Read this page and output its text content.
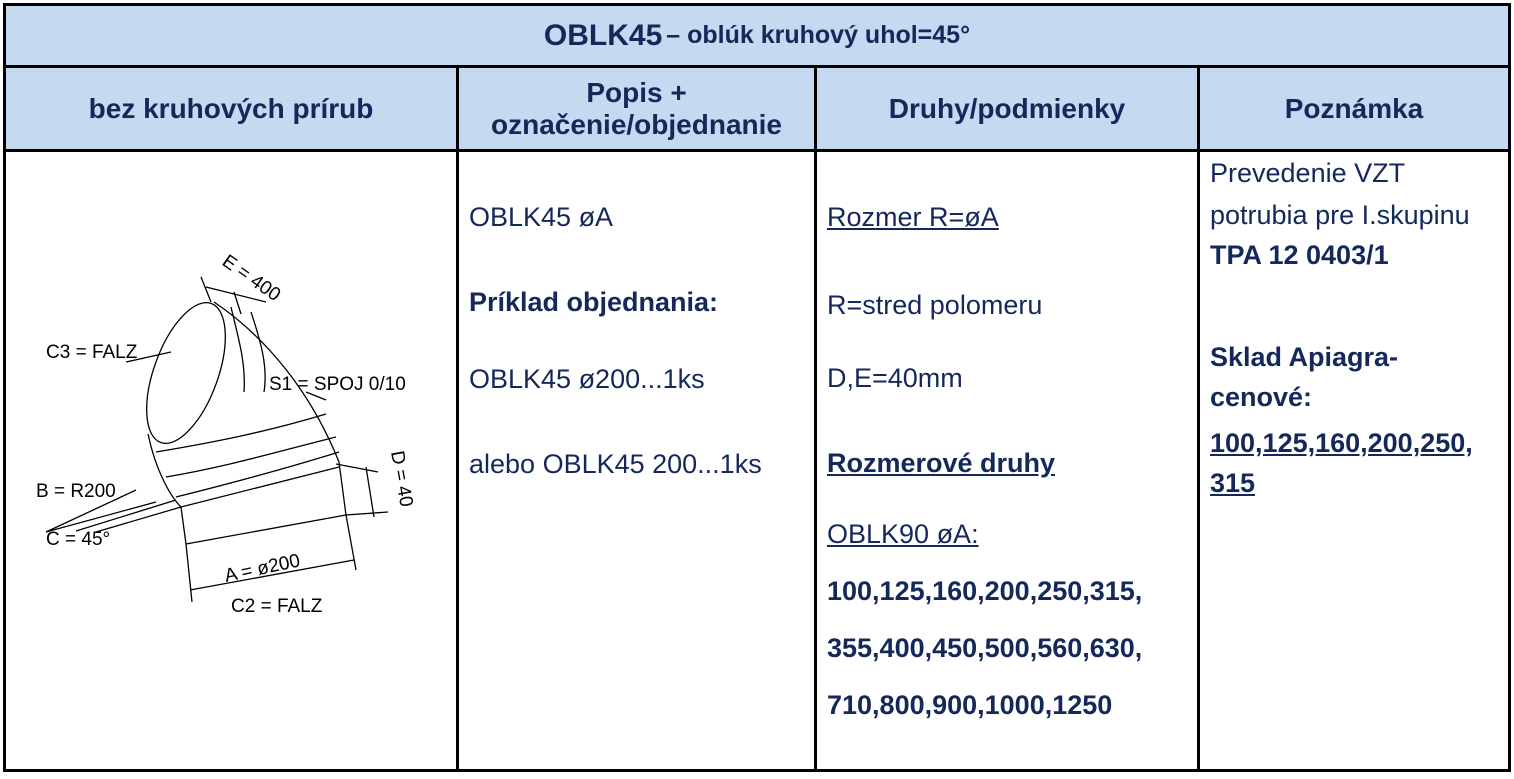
OBLK45 – oblúk kruhový uhol=45°
bez kruhových prírub
Popis +
označenie/objednanie
Druhy/podmienky	Poznámka
E = 400
C3 = FALZ
S1 = SPOJ 0/10
D = 40
B = R200
C = 45°
A = ø200
C2 = FALZ
OBLK45 øA
Príklad objednania:
OBLK45 ø200...1ks
alebo OBLK45 200...1ks
Rozmer R=øA
R=stred polomeru
D,E=40mm
Rozmerové druhy
OBLK90 øA:
100,125,160,200,250,315,
355,400,450,500,560,630,
710,800,900,1000,1250
Prevedenie VZT
potrubia pre I.skupinu
TPA 12 0403/1
Sklad Apiagra-
cenové:
100,125,160,200,250,
315
